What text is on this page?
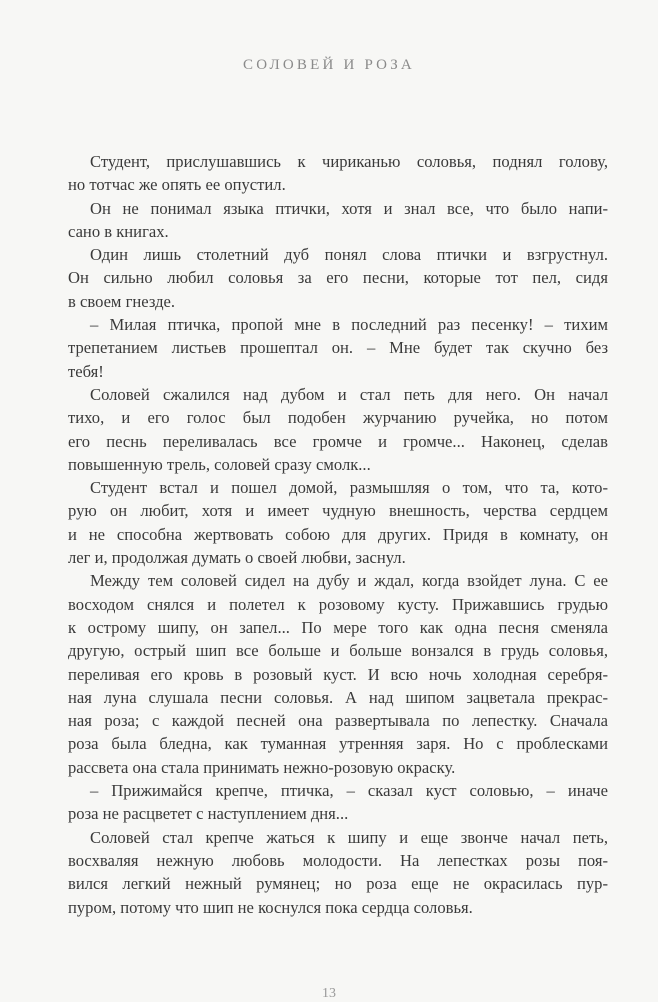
СОЛОВЕЙ И РОЗА
Студент, прислушавшись к чириканью соловья, поднял голову,
но тотчас же опять ее опустил.
Он не понимал языка птички, хотя и знал все, что было напи-
сано в книгах.
Один лишь столетний дуб понял слова птички и взгрустнул.
Он сильно любил соловья за его песни, которые тот пел, сидя
в своем гнезде.
– Милая птичка, пропой мне в последний раз песенку! – тихим
трепетанием листьев прошептал он. – Мне будет так скучно без
тебя!
Соловей сжалился над дубом и стал петь для него. Он начал
тихо, и его голос был подобен журчанию ручейка, но потом
его песнь переливалась все громче и громче... Наконец, сделав
повышенную трель, соловей сразу смолк...
Студент встал и пошел домой, размышляя о том, что та, кото-
рую он любит, хотя и имеет чудную внешность, черства сердцем
и не способна жертвовать собою для других. Придя в комнату, он
лег и, продолжая думать о своей любви, заснул.
Между тем соловей сидел на дубу и ждал, когда взойдет луна. С ее
восходом снялся и полетел к розовому кусту. Прижавшись грудью
к острому шипу, он запел... По мере того как одна песня сменяла
другую, острый шип все больше и больше вонзался в грудь соловья,
переливая его кровь в розовый куст. И всю ночь холодная серебря-
ная луна слушала песни соловья. А над шипом зацветала прекрас-
ная роза; с каждой песней она развертывала по лепестку. Сначала
роза была бледна, как туманная утренняя заря. Но с проблесками
рассвета она стала принимать нежно-розовую окраску.
– Прижимайся крепче, птичка, – сказал куст соловью, – иначе
роза не расцветет с наступлением дня...
Соловей стал крепче жаться к шипу и еще звонче начал петь,
восхваляя нежную любовь молодости. На лепестках розы поя-
вился легкий нежный румянец; но роза еще не окрасилась пур-
пуром, потому что шип не коснулся пока сердца соловья.
13
